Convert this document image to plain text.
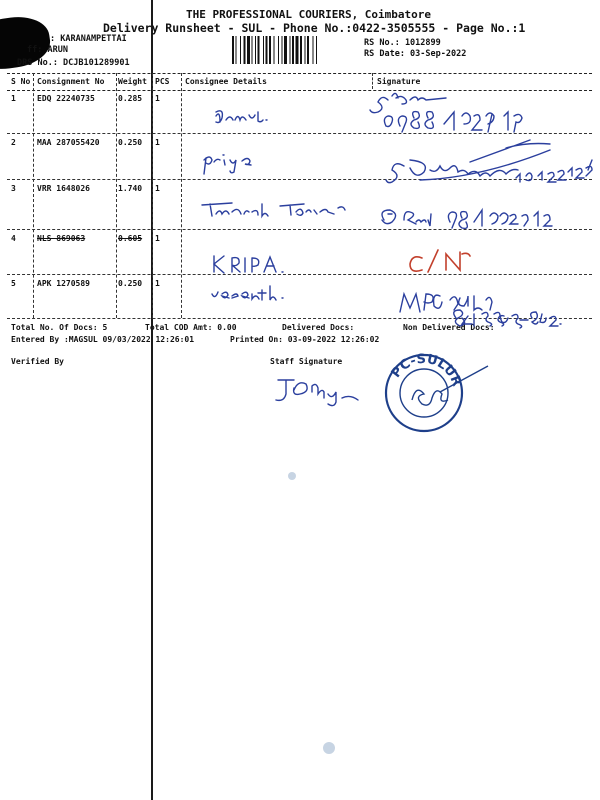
THE PROFESSIONAL COURIERS, Coimbatore
Delivery Runsheet - SUL - Phone No.:0422-3505555 - Page No.:1
: KARANAMPETTAI
ff: ARUN
DRS No.: DCJB101289901
RS No.: 1012899
RS Date: 03-Sep-2022
S No Consignment No Weight PCS Consignee Details	Signature
1	EDQ 22240735	0.285 1
2	MAA 287055420 0.250 1
3	VRR 1648026	1.740 1
4	NLS 869063	0.605 1
5	APK 1270589	0.250 1
Total No. Of Docs: 5	Total COD Amt: 0.00	Delivered Docs:	Non Delivered Docs:
Entered By :MAGSUL 09/03/2022 12:26:01	Printed On: 03-09-2022 12:26:02
Verified By	Staff Signature
PC-SULUR
